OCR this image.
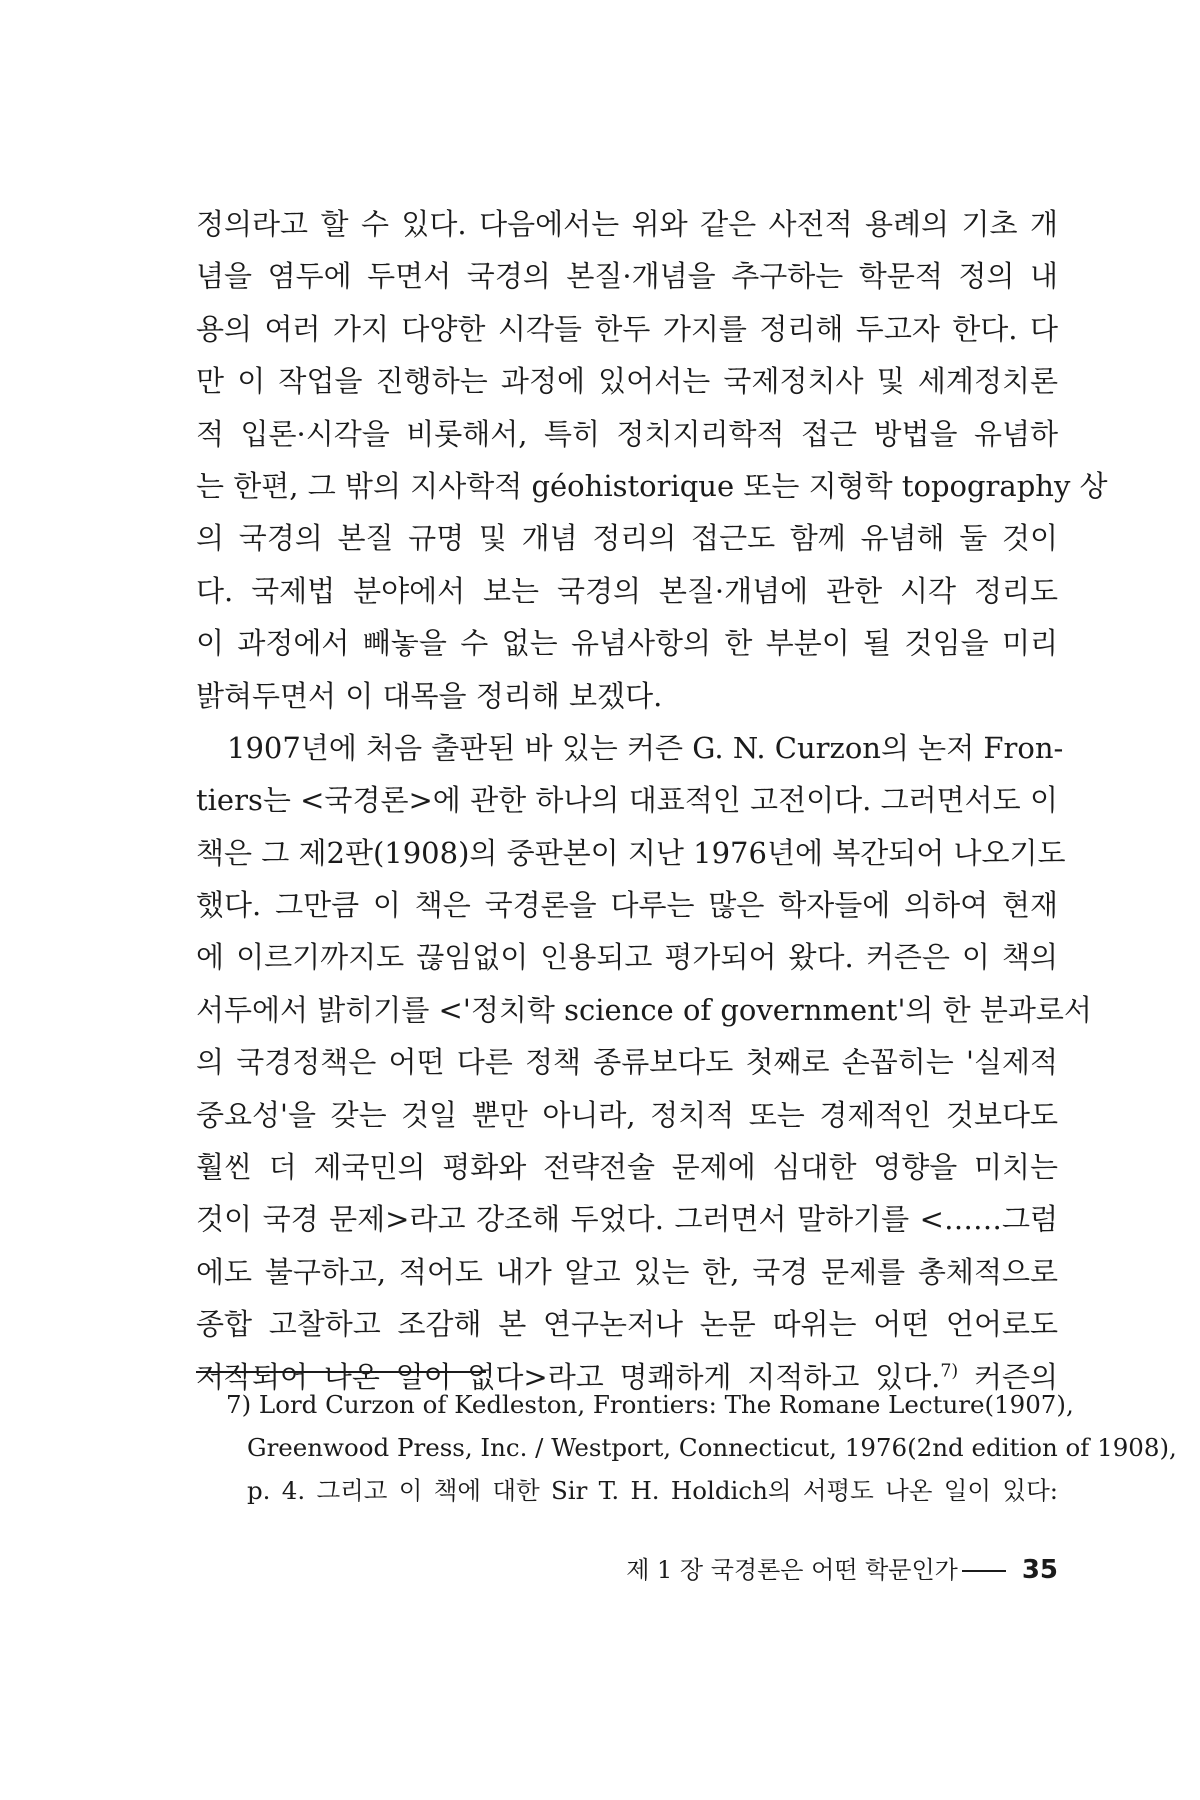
정의라고 할 수 있다. 다음에서는 위와 같은 사전적 용례의 기초 개
념을 염두에 두면서 국경의 본질·개념을 추구하는 학문적 정의 내
용의 여러 가지 다양한 시각들 한두 가지를 정리해 두고자 한다. 다
만 이 작업을 진행하는 과정에 있어서는 국제정치사 및 세계정치론
적 입론·시각을 비롯해서, 특히 정치지리학적 접근 방법을 유념하
는 한편, 그 밖의 지사학적 géohistorique 또는 지형학 topography 상
의 국경의 본질 규명 및 개념 정리의 접근도 함께 유념해 둘 것이
다. 국제법 분야에서 보는 국경의 본질·개념에 관한 시각 정리도
이 과정에서 빼놓을 수 없는 유념사항의 한 부분이 될 것임을 미리
밝혀두면서 이 대목을 정리해 보겠다.
1907년에 처음 출판된 바 있는 커즌 G. N. Curzon의 논저 Fron-
tiers는 <국경론>에 관한 하나의 대표적인 고전이다. 그러면서도 이
책은 그 제2판(1908)의 중판본이 지난 1976년에 복간되어 나오기도
했다. 그만큼 이 책은 국경론을 다루는 많은 학자들에 의하여 현재
에 이르기까지도 끊임없이 인용되고 평가되어 왔다. 커즌은 이 책의
서두에서 밝히기를 <'정치학 science of government'의 한 분과로서
의 국경정책은 어떤 다른 정책 종류보다도 첫째로 손꼽히는 '실제적
중요성'을 갖는 것일 뿐만 아니라, 정치적 또는 경제적인 것보다도
훨씬 더 제국민의 평화와 전략전술 문제에 심대한 영향을 미치는
것이 국경 문제>라고 강조해 두었다. 그러면서 말하기를 <……그럼
에도 불구하고, 적어도 내가 알고 있는 한, 국경 문제를 총체적으로
종합 고찰하고 조감해 본 연구논저나 논문 따위는 어떤 언어로도
저작되어 나온 일이 없다>라고 명쾌하게 지적하고 있다.$^{7)}$ 커즌의
7) Lord Curzon of Kedleston, Frontiers: The Romane Lecture(1907),
Greenwood Press, Inc. / Westport, Connecticut, 1976(2nd edition of 1908),
p. 4. 그리고 이 책에 대한 Sir T. H. Holdich의 서평도 나온 일이 있다:
제 1 장 국경론은 어떤 학문인가 35
